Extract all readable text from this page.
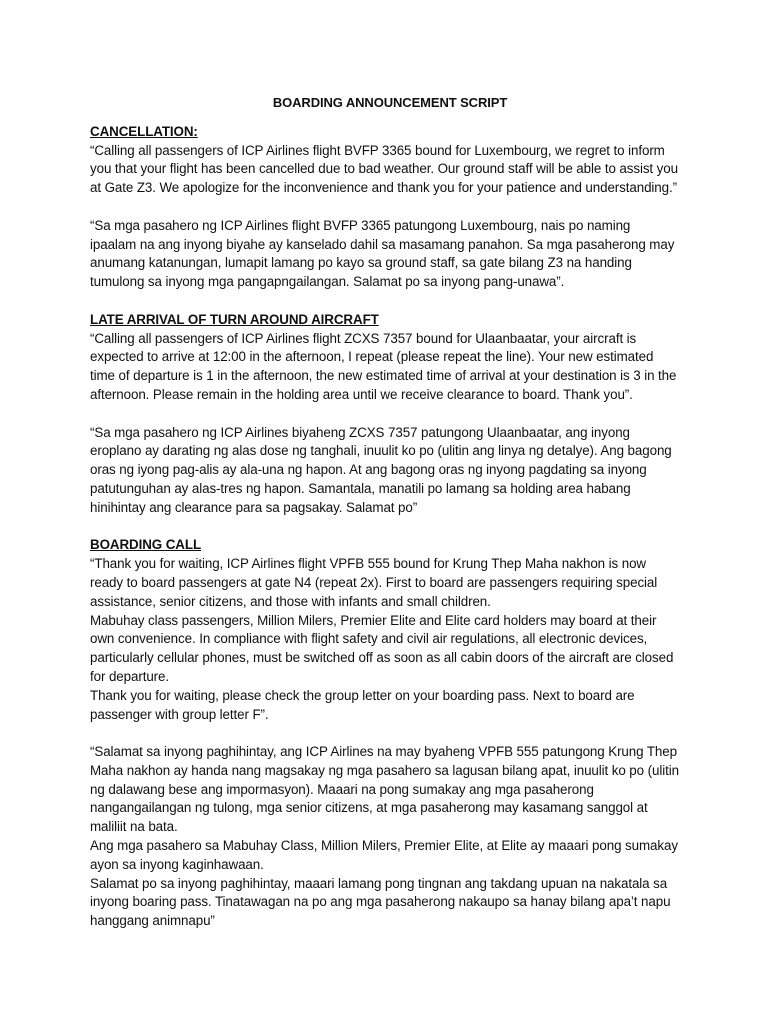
BOARDING ANNOUNCEMENT SCRIPT

CANCELLATION:

“Calling all passengers of ICP Airlines flight BVFP 3365 bound for Luxembourg, we regret to inform you that your flight has been cancelled due to bad weather. Our ground staff will be able to assist you at Gate Z3. We apologize for the inconvenience and thank you for your patience and understanding.”

“Sa mga pasahero ng ICP Airlines flight BVFP 3365 patungong Luxembourg, nais po naming ipaalam na ang inyong biyahe ay kanselado dahil sa masamang panahon. Sa mga pasaherong may anumang katanungan, lumapit lamang po kayo sa ground staff, sa gate bilang Z3 na handing tumulong sa inyong mga pangapngailangan. Salamat po sa inyong pang-unawa”.

LATE ARRIVAL OF TURN AROUND AIRCRAFT

“Calling all passengers of ICP Airlines flight ZCXS 7357 bound for Ulaanbaatar, your aircraft is expected to arrive at 12:00 in the afternoon, I repeat (please repeat the line). Your new estimated time of departure is 1 in the afternoon, the new estimated time of arrival at your destination is 3 in the afternoon. Please remain in the holding area until we receive clearance to board. Thank you”.

“Sa mga pasahero ng ICP Airlines biyaheng ZCXS 7357 patungong Ulaanbaatar, ang inyong eroplano ay darating ng alas dose ng tanghali, inuulit ko po (ulitin ang linya ng detalye). Ang bagong oras ng iyong pag-alis ay ala-una ng hapon. At ang bagong oras ng inyong pagdating sa inyong patutunguhan ay alas-tres ng hapon. Samantala, manatili po lamang sa holding area habang hinihintay ang clearance para sa pagsakay. Salamat po”

BOARDING CALL

“Thank you for waiting, ICP Airlines flight VPFB 555 bound for Krung Thep Maha nakhon is now ready to board passengers at gate N4 (repeat 2x). First to board are passengers requiring special assistance, senior citizens, and those with infants and small children.
Mabuhay class passengers, Million Milers, Premier Elite and Elite card holders may board at their own convenience. In compliance with flight safety and civil air regulations, all electronic devices, particularly cellular phones, must be switched off as soon as all cabin doors of the aircraft are closed for departure.
Thank you for waiting, please check the group letter on your boarding pass. Next to board are passenger with group letter F”.

“Salamat sa inyong paghihintay, ang ICP Airlines na may byaheng VPFB 555 patungong Krung Thep Maha nakhon ay handa nang magsakay ng mga pasahero sa lagusan bilang apat, inuulit ko po (ulitin ng dalawang bese ang impormasyon). Maaari na pong sumakay ang mga pasaherong nangangailangan ng tulong, mga senior citizens, at mga pasaherong may kasamang sanggol at maliliit na bata.
Ang mga pasahero sa Mabuhay Class, Million Milers, Premier Elite, at Elite ay maaari pong sumakay ayon sa inyong kaginhawaan.
Salamat po sa inyong paghihintay, maaari lamang pong tingnan ang takdang upuan na nakatala sa inyong boaring pass. Tinatawagan na po ang mga pasaherong nakaupo sa hanay bilang apa’t napu hanggang animnapu”
